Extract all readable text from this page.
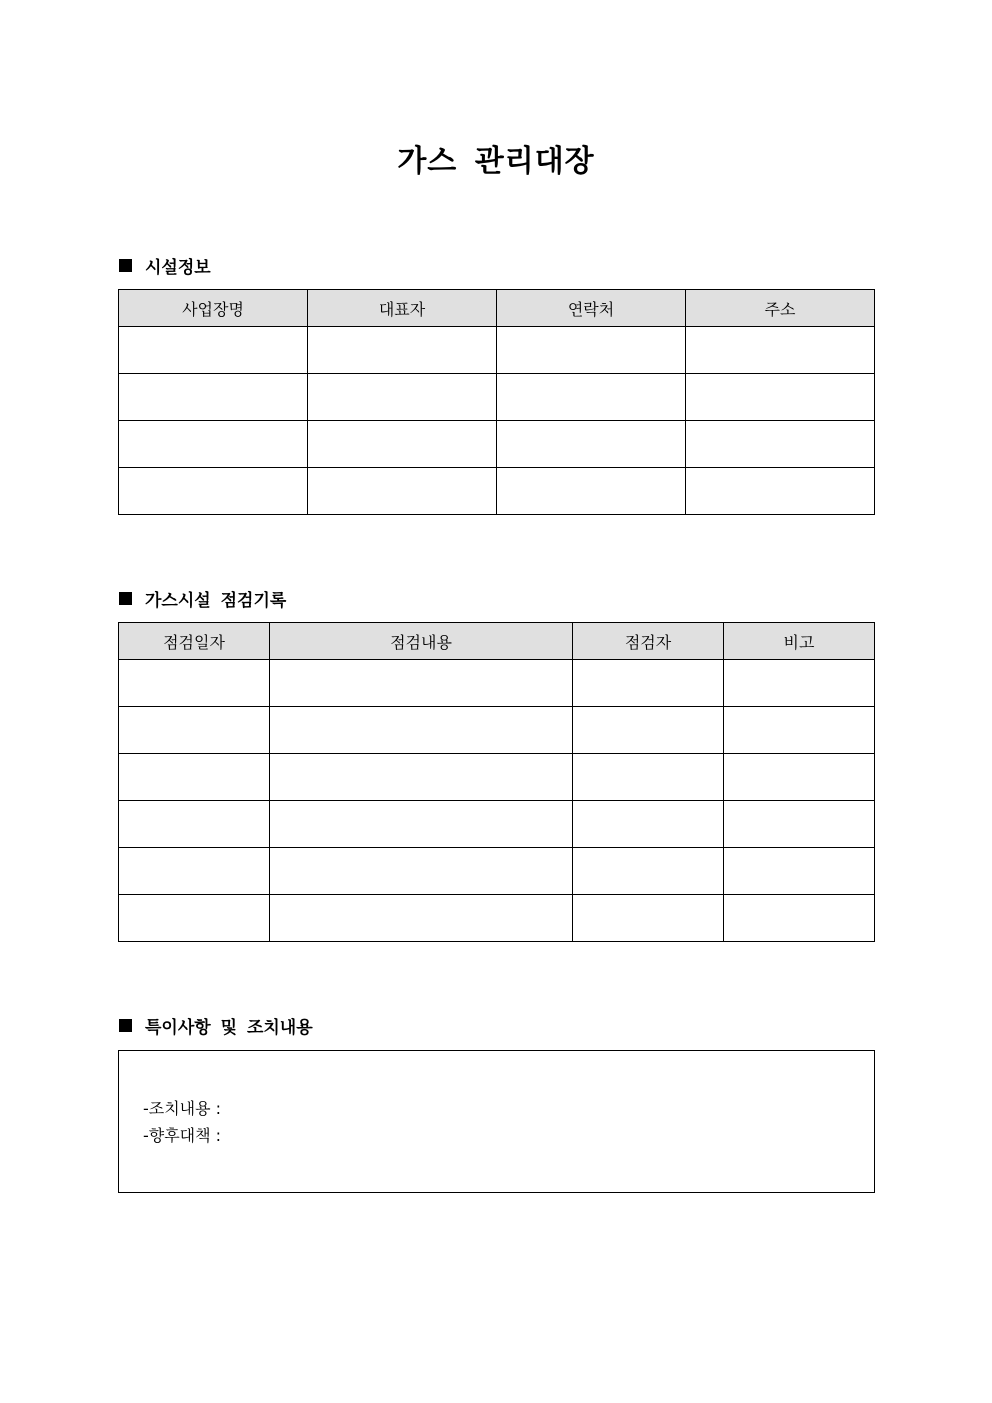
가스 관리대장
시설정보
사업장명	대표자	연락처	주소

가스시설 점검기록
점검일자	점검내용	점검자	비고

특이사항 및 조치내용
-조치내용 :
-향후대책 :
